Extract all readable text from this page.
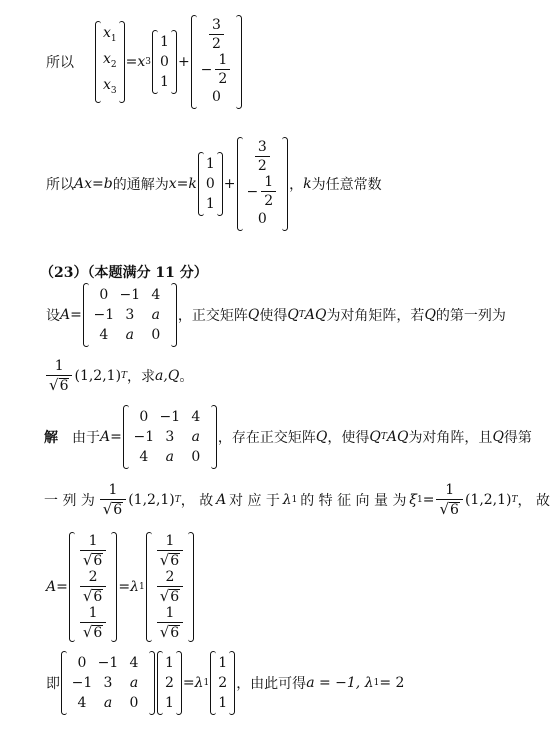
所以
$x_1$
$x_2$
$x_3$
= x 3
1
0
1
+
$\frac{3}{2}$
− $\frac{1}{2}$
0
所以 Ax = b 的通解为 x = k
1
0
1
+
$\frac{3}{2}$
− $\frac{1}{2}$
0
， k 为任意常数
（23）（本题满分 11 分）
设 A =
0 −1 4
−1 3	a
4	a	0
，正交矩阵 Q 使得 Q T AQ 为对角矩阵，若 Q 的第一列为
$\frac{1}{√ 6} (1,2,1)$ T ，求 a,Q 。
解 由于 A =
0 −1 4
−1 3	a
4	a	0
，存在正交矩阵 Q ，使得 Q T AQ 为对角阵，且 Q 得第
一 列 为 $\frac{1}{√ 6} (1,2,1)$ T ， 故 A 对 应 于 λ 1 的 特 征 向 量 为 ξ $1 = \frac{1}{√ 6} (1,2,1)$ T ， 故
A =
$\frac{1}{√ 6}$
$\frac{2}{√ 6}$
$\frac{1}{√ 6}$
= λ 1
$\frac{1}{√ 6}$
$\frac{2}{√ 6}$
$\frac{1}{√ 6}$
即
0 −1 4
−1 3	a
4	a	0
1
2
1
= λ 1
1
2
1
，由此可得 a = −1, λ 1 = 2
